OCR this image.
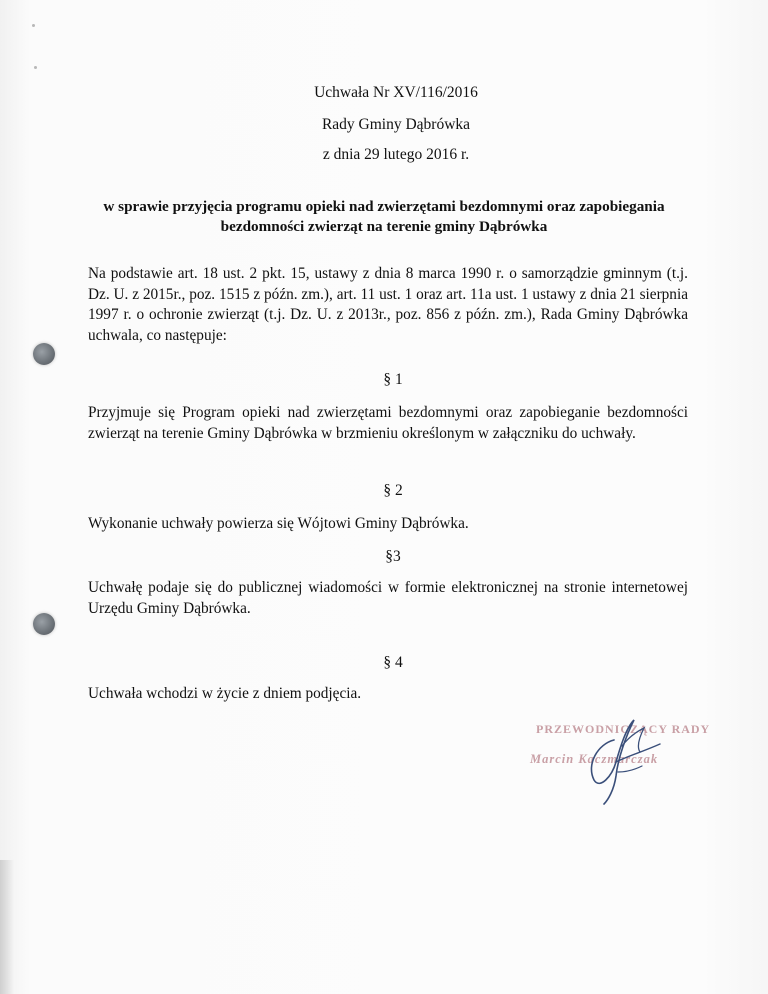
Uchwała Nr XV/116/2016
Rady Gminy Dąbrówka
z dnia 29 lutego 2016 r.
w sprawie przyjęcia programu opieki nad zwierzętami bezdomnymi oraz zapobiegania
bezdomności zwierząt na terenie gminy Dąbrówka
Na podstawie art. 18 ust. 2 pkt. 15, ustawy z dnia 8 marca 1990 r. o samorządzie gminnym (t.j. Dz. U. z 2015r., poz. 1515 z późn. zm.), art. 11 ust. 1 oraz art. 11a ust. 1 ustawy z dnia 21 sierpnia 1997 r. o ochronie zwierząt (t.j. Dz. U. z 2013r., poz. 856 z późn. zm.), Rada Gminy Dąbrówka uchwala, co następuje:
§ 1
Przyjmuje się Program opieki nad zwierzętami bezdomnymi oraz zapobieganie bezdomności zwierząt na terenie Gminy Dąbrówka w brzmieniu określonym w załączniku do uchwały.
§ 2
Wykonanie uchwały powierza się Wójtowi Gminy Dąbrówka.
§3
Uchwałę podaje się do publicznej wiadomości w formie elektronicznej na stronie internetowej Urzędu Gminy Dąbrówka.
§ 4
Uchwała wchodzi w życie z dniem podjęcia.
PRZEWODNICZĄCY RADY
Marcin Kaczmarczak
